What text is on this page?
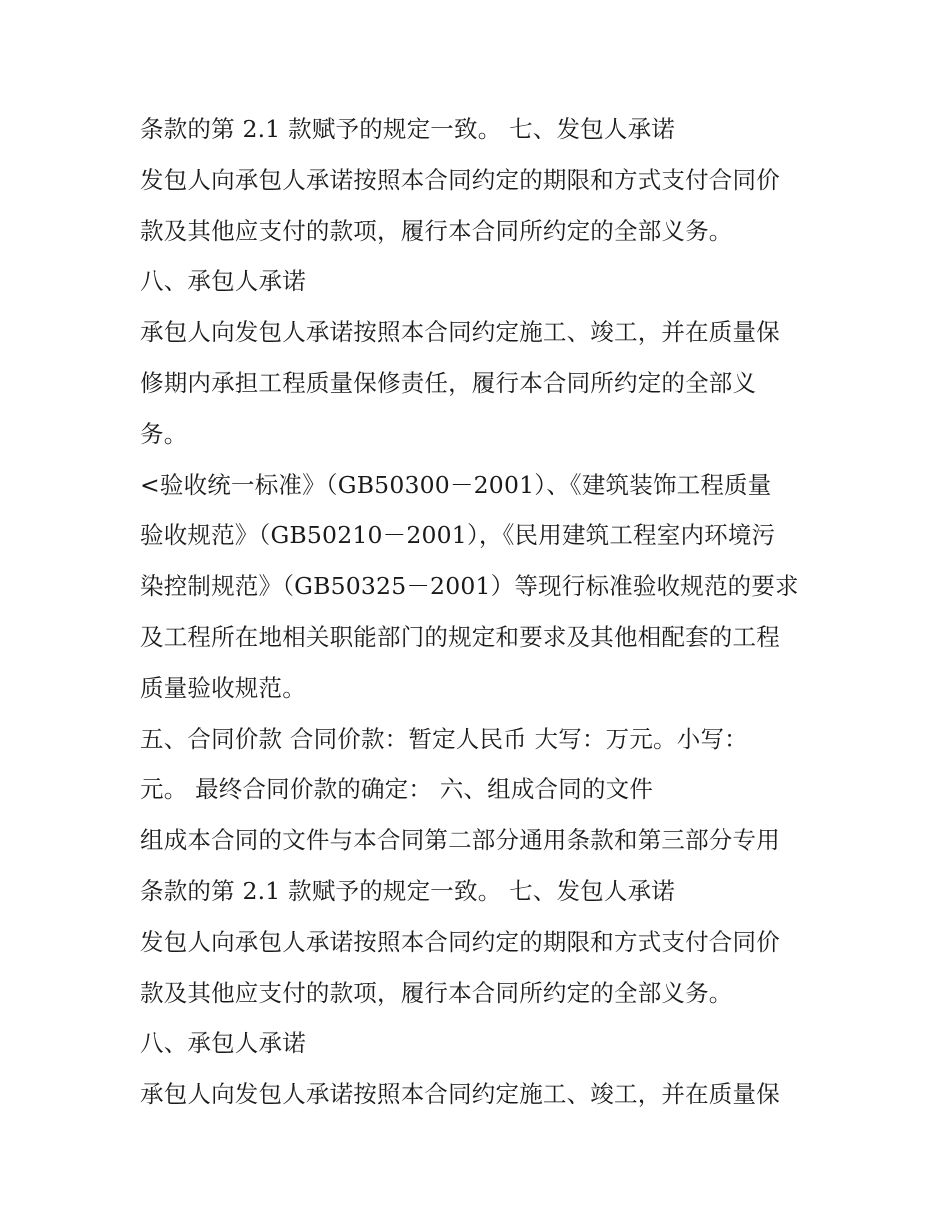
条款的第 2.1 款赋予的规定一致。 七、发包人承诺
发包人向承包人承诺按照本合同约定的期限和方式支付合同价
款及其他应支付的款项，履行本合同所约定的全部义务。
八、承包人承诺
承包人向发包人承诺按照本合同约定施工、竣工，并在质量保
修期内承担工程质量保修责任，履行本合同所约定的全部义
务。
<验收统一标准》（GB50300－2001）、《建筑装饰工程质量
验收规范》（GB50210－2001），《民用建筑工程室内环境污
染控制规范》（GB50325－2001）等现行标准验收规范的要求
及工程所在地相关职能部门的规定和要求及其他相配套的工程
质量验收规范。
五、合同价款 合同价款：暂定人民币 大写：万元。小写：
元。 最终合同价款的确定： 六、组成合同的文件
组成本合同的文件与本合同第二部分通用条款和第三部分专用
条款的第 2.1 款赋予的规定一致。 七、发包人承诺
发包人向承包人承诺按照本合同约定的期限和方式支付合同价
款及其他应支付的款项，履行本合同所约定的全部义务。
八、承包人承诺
承包人向发包人承诺按照本合同约定施工、竣工，并在质量保
